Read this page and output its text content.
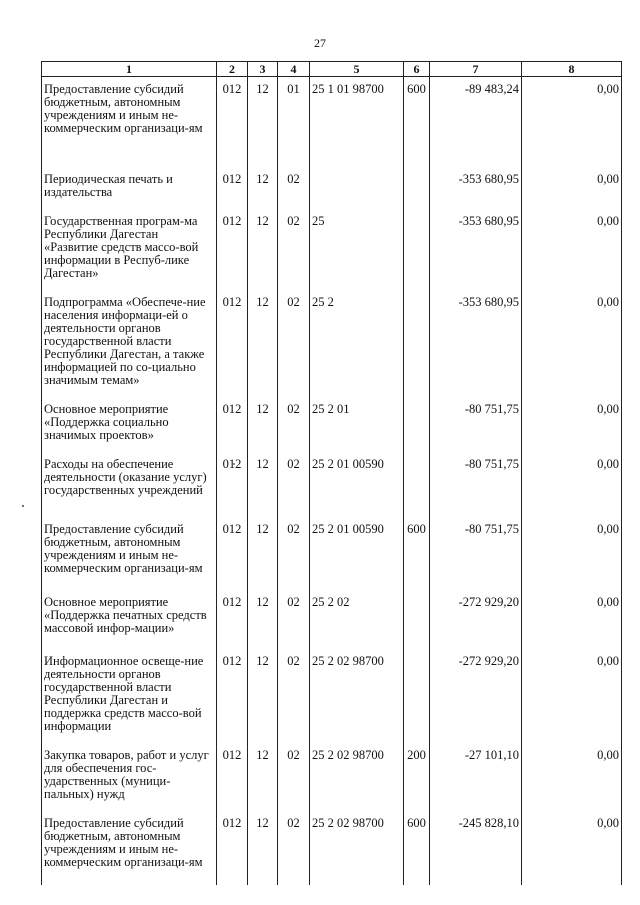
27
1	2	3	4	5	6	7	8

Предоставление субсидий бюджетным, автономным учреждениям и иным не-коммерческим организаци-ям	012	12	01	25 1 01 98700	600	-89 483,24	0,00

Периодическая печать и издательства	012	12	02			-353 680,95	0,00

Государственная програм-ма Республики Дагестан «Развитие средств массо-вой информации в Респуб-лике Дагестан»	012	12	02	25		-353 680,95	0,00

Подпрограмма «Обеспече-ние населения информаци-ей о деятельности органов государственной власти Республики Дагестан, а также информацией по со-циально значимым темам»	012	12	02	25 2		-353 680,95	0,00

Основное мероприятие «Поддержка социально значимых проектов»	012	12	02	25 2 01		-80 751,75	0,00

Расходы на обеспечение деятельности (оказание услуг) государственных учреждений	012	12	02	25 2 01 00590		-80 751,75	0,00

Предоставление субсидий бюджетным, автономным учреждениям и иным не-коммерческим организаци-ям	012	12	02	25 2 01 00590	600	-80 751,75	0,00

Основное мероприятие «Поддержка печатных средств массовой инфор-мации»	012	12	02	25 2 02		-272 929,20	0,00

Информационное освеще-ние деятельности органов государственной власти Республики Дагестан и поддержка средств массо-вой информации	012	12	02	25 2 02 98700		-272 929,20	0,00

Закупка товаров, работ и услуг для обеспечения гос-ударственных (муници-пальных) нужд	012	12	02	25 2 02 98700	200	-27 101,10	0,00

Предоставление субсидий бюджетным, автономным учреждениям и иным не-коммерческим организаци-ям	012	12	02	25 2 02 98700	600	-245 828,10	0,00
